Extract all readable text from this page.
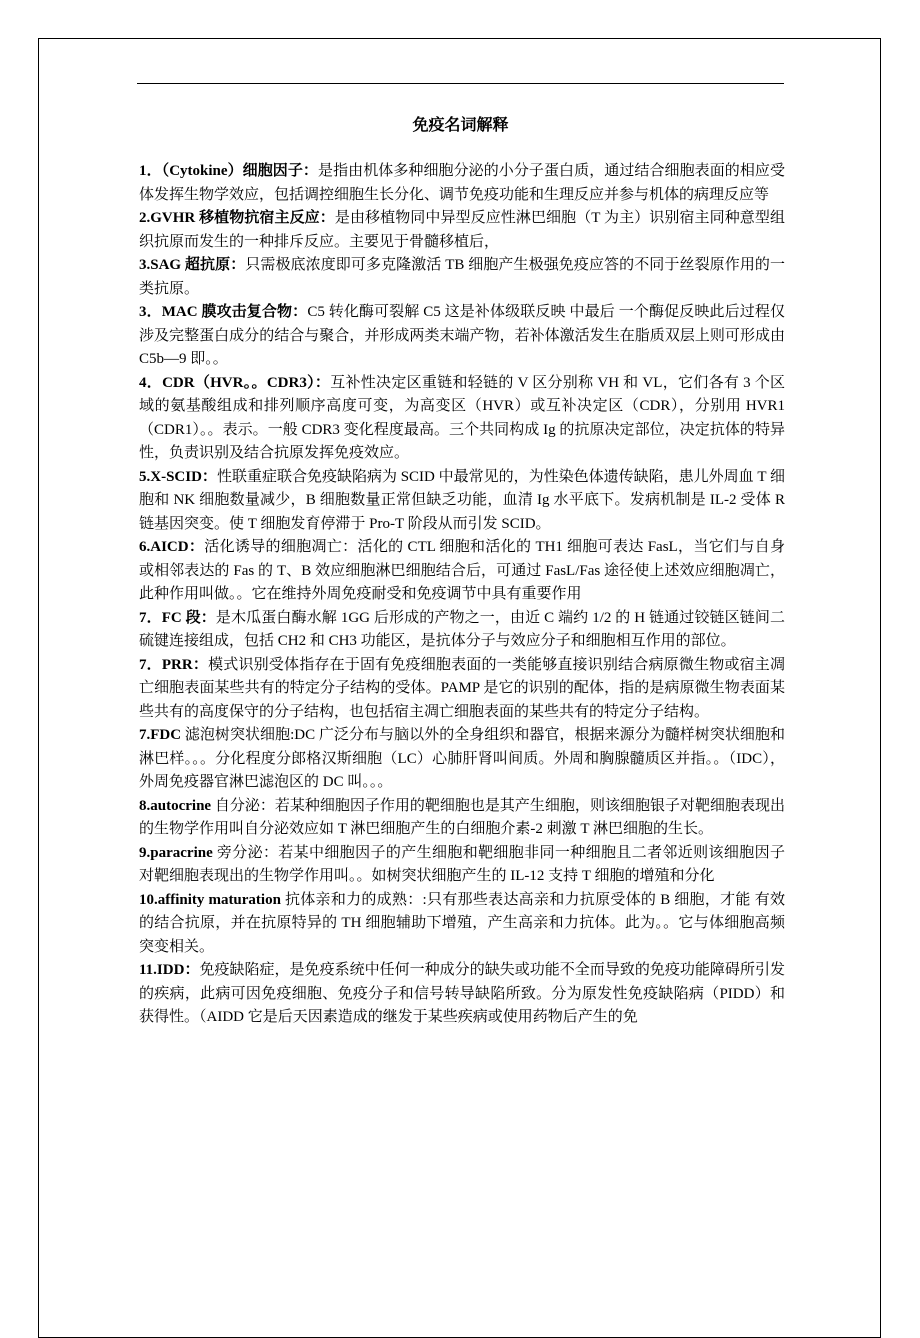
免疫名词解释

1．（Cytokine）细胞因子：是指由机体多种细胞分泌的小分子蛋白质，通过结合细胞表面的相应受体发挥生物学效应，包括调控细胞生长分化、调节免疫功能和生理反应并参与机体的病理反应等

2.GVHR 移植物抗宿主反应：是由移植物同中异型反应性淋巴细胞（T 为主）识别宿主同种意型组织抗原而发生的一种排斥反应。主要见于骨髓移植后，

3.SAG 超抗原：只需极底浓度即可多克隆激活 TB 细胞产生极强免疫应答的不同于丝裂原作用的一类抗原。

3．MAC 膜攻击复合物：C5 转化酶可裂解 C5 这是补体级联反映 中最后 一个酶促反映此后过程仅涉及完整蛋白成分的结合与聚合，并形成两类末端产物，若补体激活发生在脂质双层上则可形成由 C5b—9 即。。

4．CDR（HVR。。CDR3）：互补性决定区重链和轻链的 V 区分别称 VH 和 VL，它们各有 3 个区域的氨基酸组成和排列顺序高度可变，为高变区（HVR）或互补决定区（CDR），分别用 HVR1（CDR1）。。表示。一般 CDR3 变化程度最高。三个共同构成 Ig 的抗原决定部位，决定抗体的特异性，负责识别及结合抗原发挥免疫效应。

5.X-SCID：性联重症联合免疫缺陷病为 SCID 中最常见的，为性染色体遗传缺陷，患儿外周血 T 细胞和 NK 细胞数量减少，B 细胞数量正常但缺乏功能，血清 Ig 水平底下。发病机制是 IL-2 受体 R 链基因突变。使 T 细胞发育停滞于 Pro-T 阶段从而引发 SCID。

6.AICD：活化诱导的细胞凋亡：活化的 CTL 细胞和活化的 TH1 细胞可表达 FasL，当它们与自身或相邻表达的 Fas 的 T、B 效应细胞淋巴细胞结合后，可通过 FasL/Fas 途径使上述效应细胞凋亡，此种作用叫做。。它在维持外周免疫耐受和免疫调节中具有重要作用

7．FC 段：是木瓜蛋白酶水解 1GG 后形成的产物之一，由近 C 端约 1/2 的 H 链通过铰链区链间二硫键连接组成，包括 CH2 和 CH3 功能区，是抗体分子与效应分子和细胞相互作用的部位。

7．PRR：模式识别受体指存在于固有免疫细胞表面的一类能够直接识别结合病原微生物或宿主凋亡细胞表面某些共有的特定分子结构的受体。PAMP 是它的识别的配体，指的是病原微生物表面某些共有的高度保守的分子结构，也包括宿主凋亡细胞表面的某些共有的特定分子结构。

7.FDC 滤泡树突状细胞:DC 广泛分布与脑以外的全身组织和器官，根据来源分为髓样树突状细胞和淋巴样。。。分化程度分郎格汉斯细胞（LC）心肺肝肾叫间质。外周和胸腺髓质区并指。。（IDC），外周免疫器官淋巴滤泡区的 DC 叫。。。

8.autocrine 自分泌：若某种细胞因子作用的靶细胞也是其产生细胞，则该细胞银子对靶细胞表现出的生物学作用叫自分泌效应如 T 淋巴细胞产生的白细胞介素-2 刺激 T 淋巴细胞的生长。

9.paracrine 旁分泌：若某中细胞因子的产生细胞和靶细胞非同一种细胞且二者邻近则该细胞因子对靶细胞表现出的生物学作用叫。。如树突状细胞产生的 IL-12 支持 T 细胞的增殖和分化

10.affinity maturation 抗体亲和力的成熟：:只有那些表达高亲和力抗原受体的 B 细胞，才能 有效的结合抗原，并在抗原特异的 TH 细胞辅助下增殖，产生高亲和力抗体。此为。。它与体细胞高频突变相关。

11.IDD：免疫缺陷症，是免疫系统中任何一种成分的缺失或功能不全而导致的免疫功能障碍所引发的疾病，此病可因免疫细胞、免疫分子和信号转导缺陷所致。分为原发性免疫缺陷病（PIDD）和获得性。（AIDD 它是后天因素造成的继发于某些疾病或使用药物后产生的免
